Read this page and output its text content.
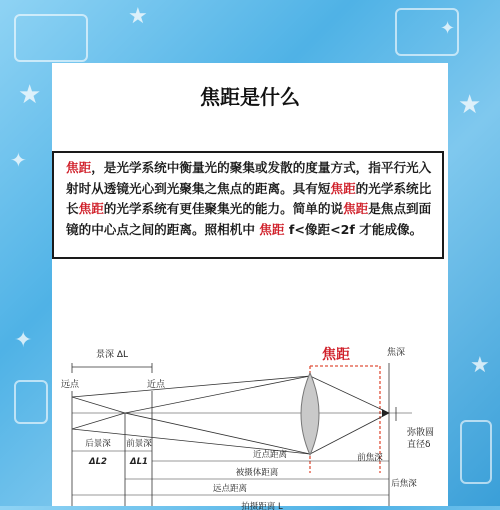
★
✦
★
★
✦
★	✦
焦距是什么

焦距，是光学系统中衡量光的聚集或发散的度量方式，指平行光入射时从透镜光心到光聚集之焦点的距离。具有短焦距的光学系统比长焦距的光学系统有更佳聚集光的能力。简单的说焦距是焦点到面镜的中心点之间的距离。照相机中 焦距 f<像距<2f 才能成像。

焦距
景深 ΔL
远点	近点
焦深
弥散圆
直径δ
前焦深
后焦深
后景深 前景深
ΔL2	ΔL1
近点距离
被摄体距离
远点距离
拍摄距离 L
